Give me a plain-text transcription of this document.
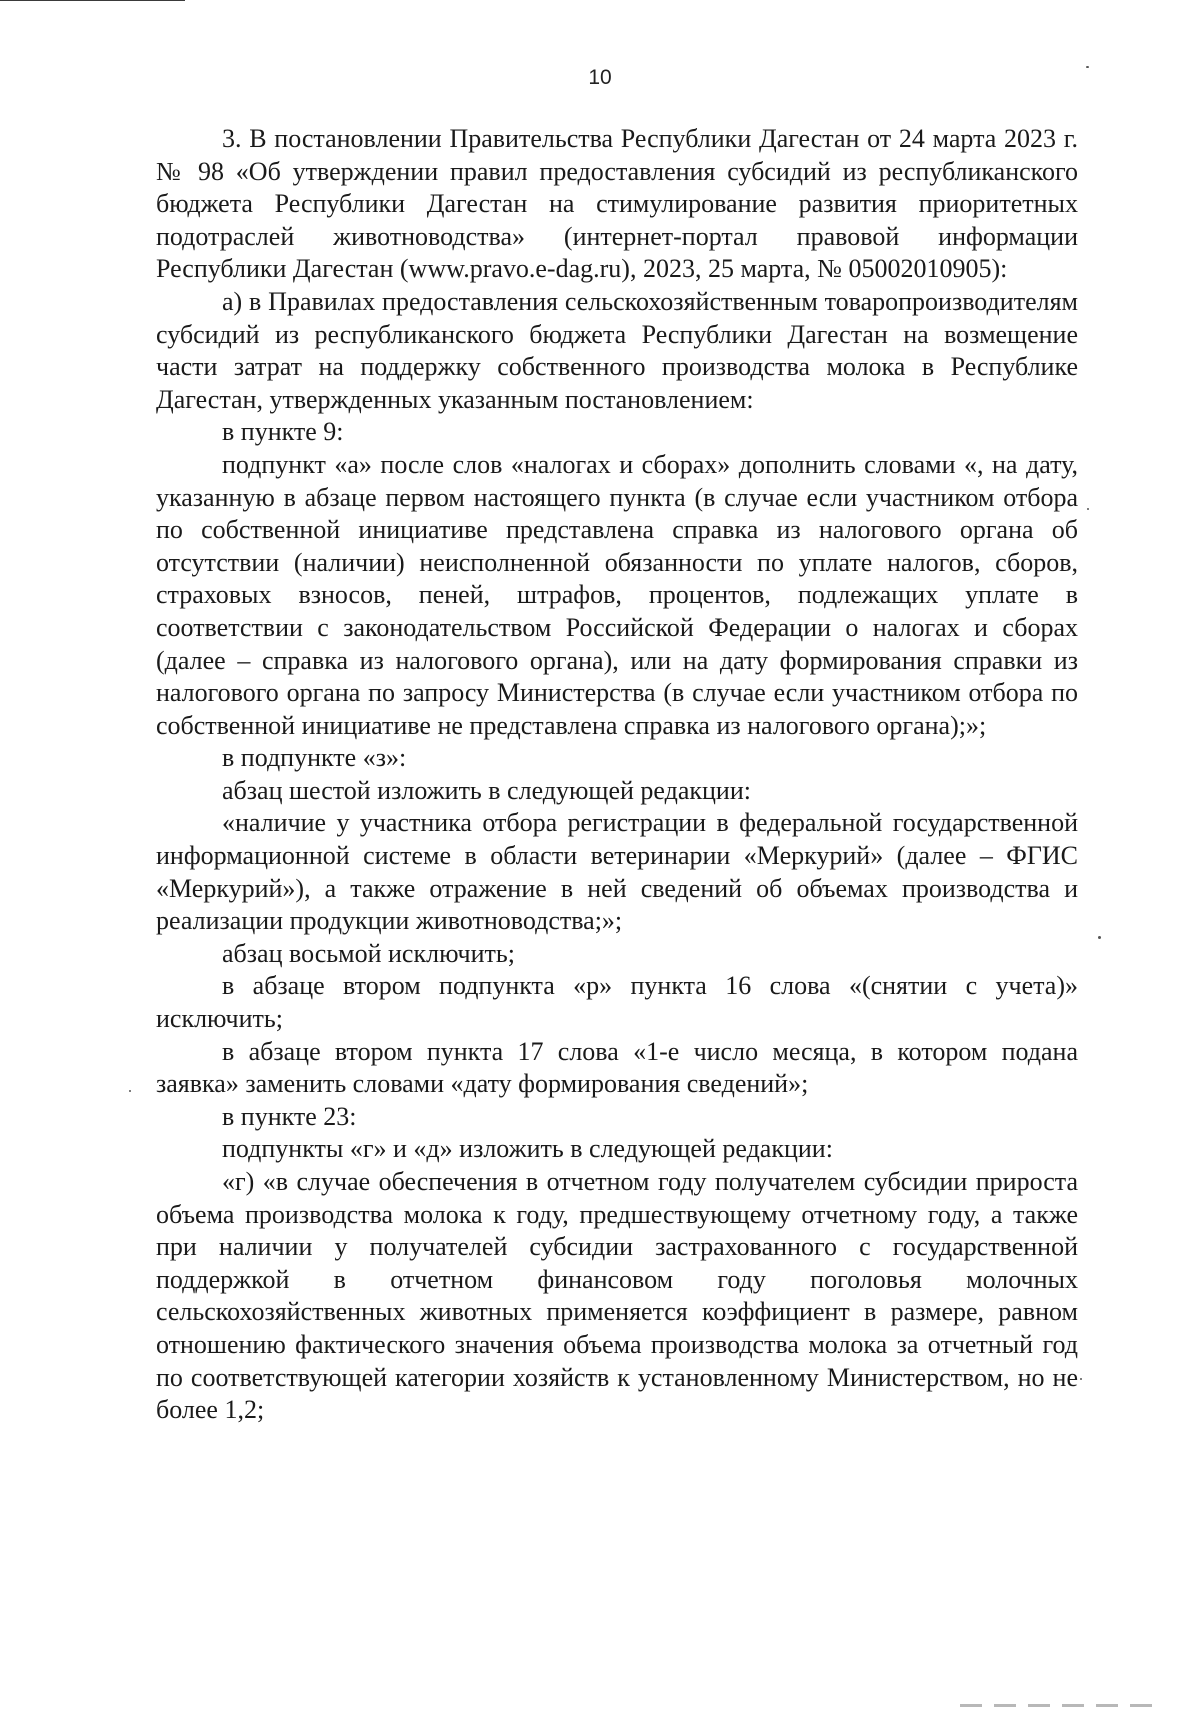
10

3. В постановлении Правительства Республики Дагестан от 24 марта 2023 г. № 98 «Об утверждении правил предоставления субсидий из республиканского бюджета Республики Дагестан на стимулирование развития приоритетных подотраслей животноводства» (интернет-портал правовой информации Республики Дагестан (www.pravo.e-dag.ru), 2023, 25 марта, № 05002010905):

а) в Правилах предоставления сельскохозяйственным товаропроизводителям субсидий из республиканского бюджета Республики Дагестан на возмещение части затрат на поддержку собственного производства молока в Республике Дагестан, утвержденных указанным постановлением:

в пункте 9:

подпункт «а» после слов «налогах и сборах» дополнить словами «, на дату, указанную в абзаце первом настоящего пункта (в случае если участником отбора по собственной инициативе представлена справка из налогового органа об отсутствии (наличии) неисполненной обязанности по уплате налогов, сборов, страховых взносов, пеней, штрафов, процентов, подлежащих уплате в соответствии с законодательством Российской Федерации о налогах и сборах (далее – справка из налогового органа), или на дату формирования справки из налогового органа по запросу Министерства (в случае если участником отбора по собственной инициативе не представлена справка из налогового органа);»;

в подпункте «з»:

абзац шестой изложить в следующей редакции:

«наличие у участника отбора регистрации в федеральной государственной информационной системе в области ветеринарии «Меркурий» (далее – ФГИС «Меркурий»), а также отражение в ней сведений об объемах производства и реализации продукции животноводства;»;

абзац восьмой исключить;

в абзаце втором подпункта «р» пункта 16 слова «(снятии с учета)» исключить;

в абзаце втором пункта 17 слова «1-е число месяца, в котором подана заявка» заменить словами «дату формирования сведений»;

в пункте 23:

подпункты «г» и «д» изложить в следующей редакции:

«г) «в случае обеспечения в отчетном году получателем субсидии прироста объема производства молока к году, предшествующему отчетному году, а также при наличии у получателей субсидии застрахованного с государственной поддержкой в отчетном финансовом году поголовья молочных сельскохозяйственных животных применяется коэффициент в размере, равном отношению фактического значения объема производства молока за отчетный год по соответствующей категории хозяйств к установленному Министерством, но не более 1,2;
